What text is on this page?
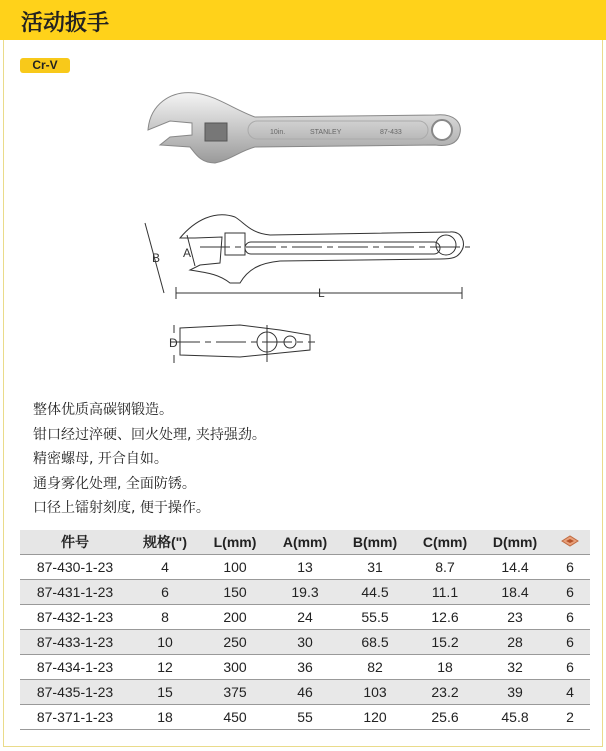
活动扳手
Cr-V
10in.	STANLEY	87-433
B A
L
D
整体优质高碳钢锻造。
钳口经过淬硬、回火处理, 夹持强劲。
精密螺母, 开合自如。
通身雾化处理, 全面防锈。
口径上镭射刻度, 便于操作。
件号	规格(")	L(mm)	A(mm)	B(mm)	C(mm)	D(mm)	
87-430-1-23	4	100	13	31	8.7	14.4	6
87-431-1-23	6	150	19.3	44.5	11.1	18.4	6
87-432-1-23	8	200	24	55.5	12.6	23	6
87-433-1-23	10	250	30	68.5	15.2	28	6
87-434-1-23	12	300	36	82	18	32	6
87-435-1-23	15	375	46	103	23.2	39	4
87-371-1-23	18	450	55	120	25.6	45.8	2
